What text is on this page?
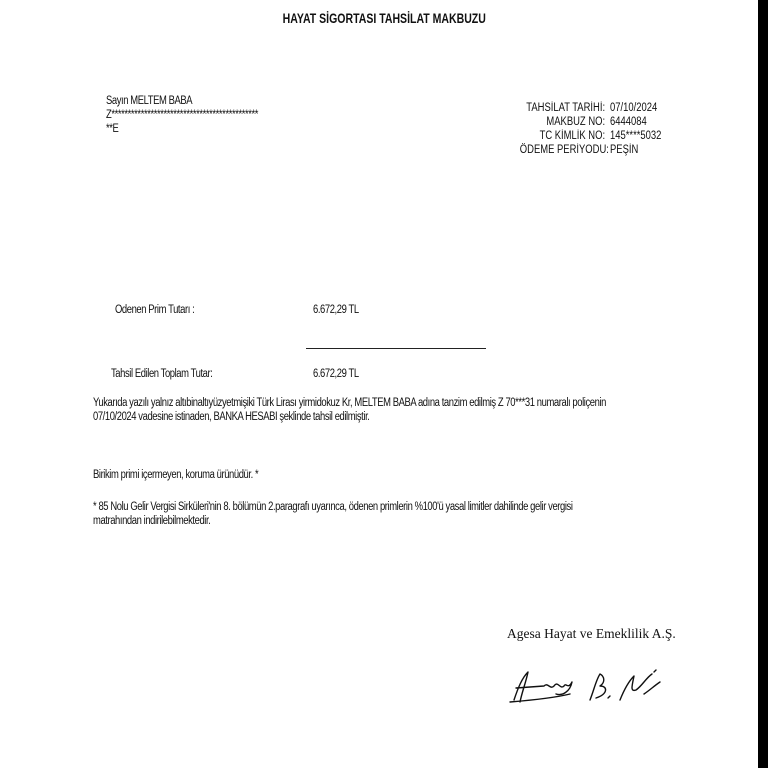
HAYAT SİGORTASI TAHSİLAT MAKBUZU
Sayın MELTEM BABA
Z*********************************************
**E
TAHSİLAT TARİHİ: 07/10/2024
MAKBUZ NO: 6444084
TC KİMLİK NO: 145****5032
ÖDEME PERİYODU: PEŞİN
Ödenen Prim Tutarı :	6.672,29 TL
Tahsil Edilen Toplam Tutar:	6.672,29 TL
Yukarıda yazılı yalnız altıbinaltıyüzyetmişiki Türk Lirası yirmidokuz Kr, MELTEM BABA adına tanzim edilmiş Z 70***31 numaralı poliçenin
07/10/2024 vadesine istinaden, BANKA HESABI şeklinde tahsil edilmiştir.
Birikim primi içermeyen, koruma ürünüdür. *
* 85 Nolu Gelir Vergisi Sirküleri'nin 8. bölümün 2.paragrafı uyarınca, ödenen primlerin %100'ü yasal limitler dahilinde gelir vergisi
matrahından indirilebilmektedir.
Agesa Hayat ve Emeklilik A.Ş.
